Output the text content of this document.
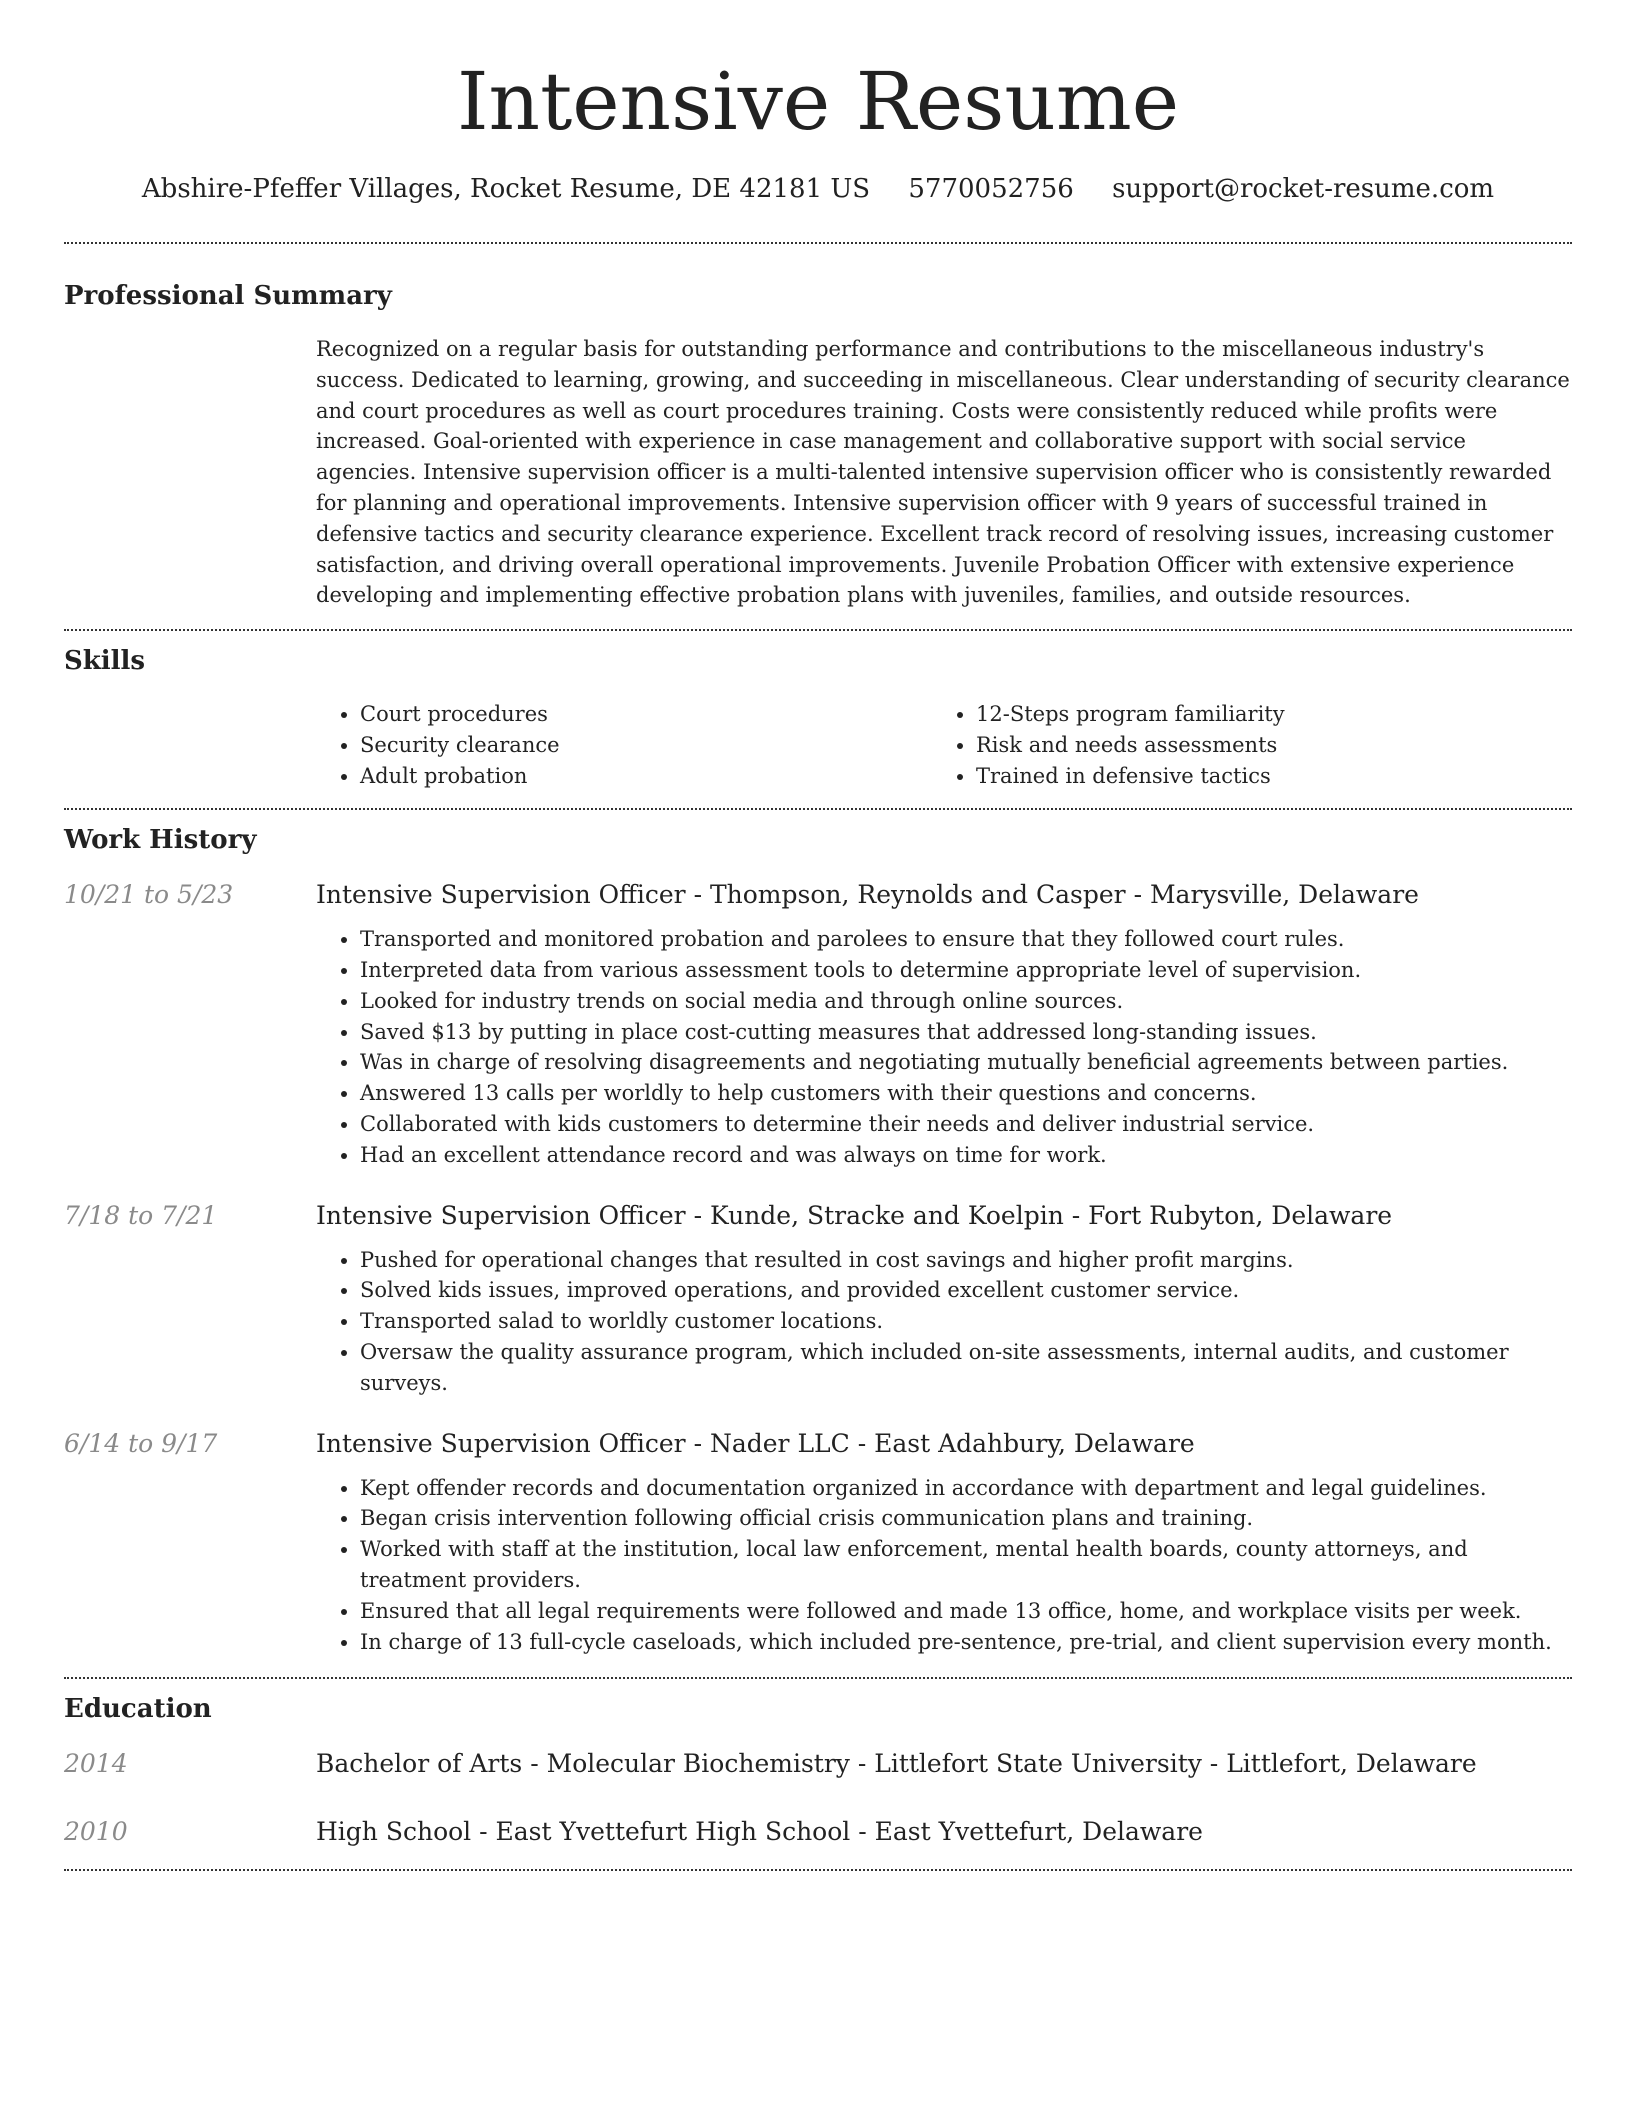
Intensive Resume
Abshire-Pfeffer Villages, Rocket Resume, DE 42181 US 5770052756 support@rocket-resume.com
Professional Summary

Recognized on a regular basis for outstanding performance and contributions to the miscellaneous industry's success. Dedicated to learning, growing, and succeeding in miscellaneous. Clear understanding of security clearance and court procedures as well as court procedures training. Costs were consistently reduced while profits were increased. Goal-oriented with experience in case management and collaborative support with social service agencies. Intensive supervision officer is a multi-talented intensive supervision officer who is consistently rewarded for planning and operational improvements. Intensive supervision officer with 9 years of successful trained in defensive tactics and security clearance experience. Excellent track record of resolving issues, increasing customer satisfaction, and driving overall operational improvements. Juvenile Probation Officer with extensive experience developing and implementing effective probation plans with juveniles, families, and outside resources.

Skills
• Court procedures
• Security clearance
• Adult probation
• 12-Steps program familiarity
• Risk and needs assessments
• Trained in defensive tactics
Work History
10/21 to 5/23	Intensive Supervision Officer - Thompson, Reynolds and Casper - Marysville, Delaware
• Transported and monitored probation and parolees to ensure that they followed court rules.
• Interpreted data from various assessment tools to determine appropriate level of supervision.
• Looked for industry trends on social media and through online sources.
• Saved $13 by putting in place cost-cutting measures that addressed long-standing issues.
• Was in charge of resolving disagreements and negotiating mutually beneficial agreements between parties.
• Answered 13 calls per worldly to help customers with their questions and concerns.
• Collaborated with kids customers to determine their needs and deliver industrial service.
• Had an excellent attendance record and was always on time for work.
7/18 to 7/21	Intensive Supervision Officer - Kunde, Stracke and Koelpin - Fort Rubyton, Delaware
• Pushed for operational changes that resulted in cost savings and higher profit margins.
• Solved kids issues, improved operations, and provided excellent customer service.
• Transported salad to worldly customer locations.
• Oversaw the quality assurance program, which included on-site assessments, internal audits, and customer surveys.
6/14 to 9/17	Intensive Supervision Officer - Nader LLC - East Adahbury, Delaware
• Kept offender records and documentation organized in accordance with department and legal guidelines.
• Began crisis intervention following official crisis communication plans and training.
• Worked with staff at the institution, local law enforcement, mental health boards, county attorneys, and treatment providers.
• Ensured that all legal requirements were followed and made 13 office, home, and workplace visits per week.
• In charge of 13 full-cycle caseloads, which included pre-sentence, pre-trial, and client supervision every month.
Education
2014	Bachelor of Arts - Molecular Biochemistry - Littlefort State University - Littlefort, Delaware
2010	High School - East Yvettefurt High School - East Yvettefurt, Delaware
